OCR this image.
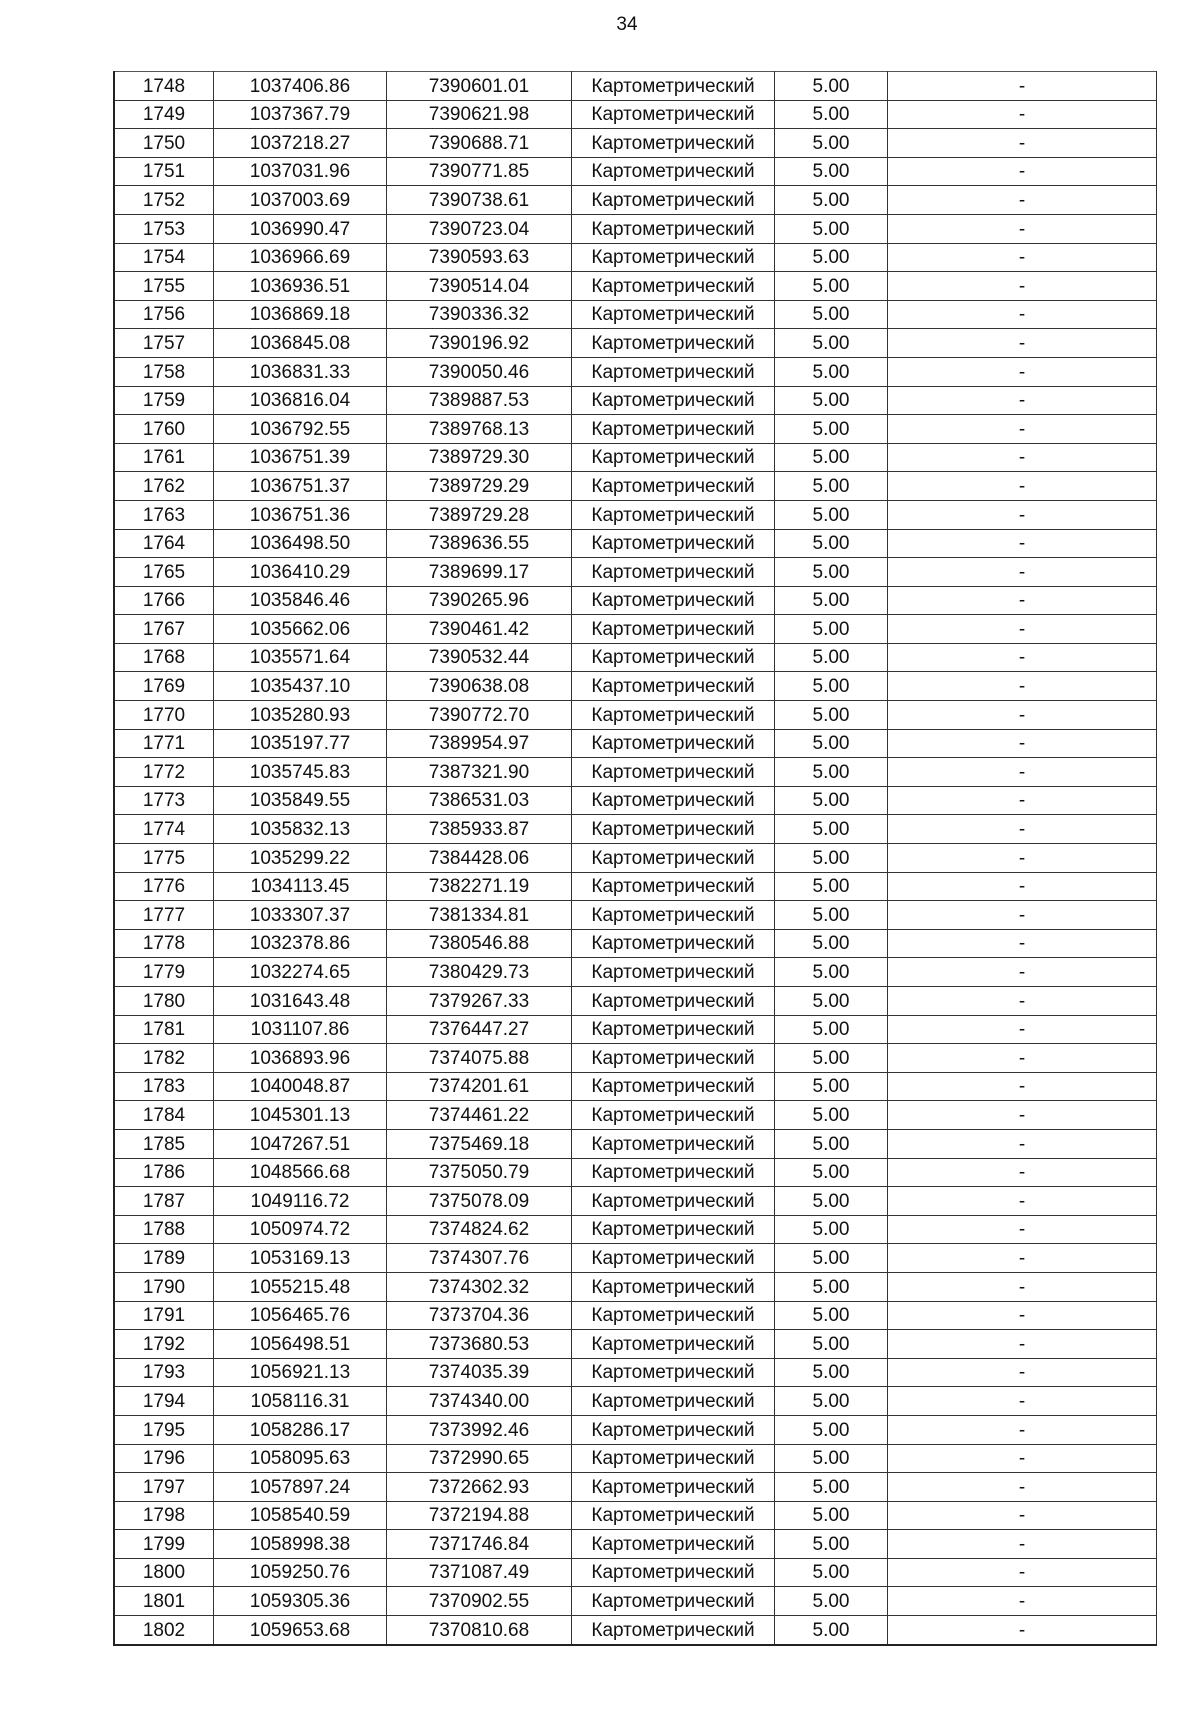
34
1748	1037406.86	7390601.01	Картометрический	5.00	-
1749	1037367.79	7390621.98	Картометрический	5.00	-
1750	1037218.27	7390688.71	Картометрический	5.00	-
1751	1037031.96	7390771.85	Картометрический	5.00	-
1752	1037003.69	7390738.61	Картометрический	5.00	-
1753	1036990.47	7390723.04	Картометрический	5.00	-
1754	1036966.69	7390593.63	Картометрический	5.00	-
1755	1036936.51	7390514.04	Картометрический	5.00	-
1756	1036869.18	7390336.32	Картометрический	5.00	-
1757	1036845.08	7390196.92	Картометрический	5.00	-
1758	1036831.33	7390050.46	Картометрический	5.00	-
1759	1036816.04	7389887.53	Картометрический	5.00	-
1760	1036792.55	7389768.13	Картометрический	5.00	-
1761	1036751.39	7389729.30	Картометрический	5.00	-
1762	1036751.37	7389729.29	Картометрический	5.00	-
1763	1036751.36	7389729.28	Картометрический	5.00	-
1764	1036498.50	7389636.55	Картометрический	5.00	-
1765	1036410.29	7389699.17	Картометрический	5.00	-
1766	1035846.46	7390265.96	Картометрический	5.00	-
1767	1035662.06	7390461.42	Картометрический	5.00	-
1768	1035571.64	7390532.44	Картометрический	5.00	-
1769	1035437.10	7390638.08	Картометрический	5.00	-
1770	1035280.93	7390772.70	Картометрический	5.00	-
1771	1035197.77	7389954.97	Картометрический	5.00	-
1772	1035745.83	7387321.90	Картометрический	5.00	-
1773	1035849.55	7386531.03	Картометрический	5.00	-
1774	1035832.13	7385933.87	Картометрический	5.00	-
1775	1035299.22	7384428.06	Картометрический	5.00	-
1776	1034113.45	7382271.19	Картометрический	5.00	-
1777	1033307.37	7381334.81	Картометрический	5.00	-
1778	1032378.86	7380546.88	Картометрический	5.00	-
1779	1032274.65	7380429.73	Картометрический	5.00	-
1780	1031643.48	7379267.33	Картометрический	5.00	-
1781	1031107.86	7376447.27	Картометрический	5.00	-
1782	1036893.96	7374075.88	Картометрический	5.00	-
1783	1040048.87	7374201.61	Картометрический	5.00	-
1784	1045301.13	7374461.22	Картометрический	5.00	-
1785	1047267.51	7375469.18	Картометрический	5.00	-
1786	1048566.68	7375050.79	Картометрический	5.00	-
1787	1049116.72	7375078.09	Картометрический	5.00	-
1788	1050974.72	7374824.62	Картометрический	5.00	-
1789	1053169.13	7374307.76	Картометрический	5.00	-
1790	1055215.48	7374302.32	Картометрический	5.00	-
1791	1056465.76	7373704.36	Картометрический	5.00	-
1792	1056498.51	7373680.53	Картометрический	5.00	-
1793	1056921.13	7374035.39	Картометрический	5.00	-
1794	1058116.31	7374340.00	Картометрический	5.00	-
1795	1058286.17	7373992.46	Картометрический	5.00	-
1796	1058095.63	7372990.65	Картометрический	5.00	-
1797	1057897.24	7372662.93	Картометрический	5.00	-
1798	1058540.59	7372194.88	Картометрический	5.00	-
1799	1058998.38	7371746.84	Картометрический	5.00	-
1800	1059250.76	7371087.49	Картометрический	5.00	-
1801	1059305.36	7370902.55	Картометрический	5.00	-
1802	1059653.68	7370810.68	Картометрический	5.00	-
